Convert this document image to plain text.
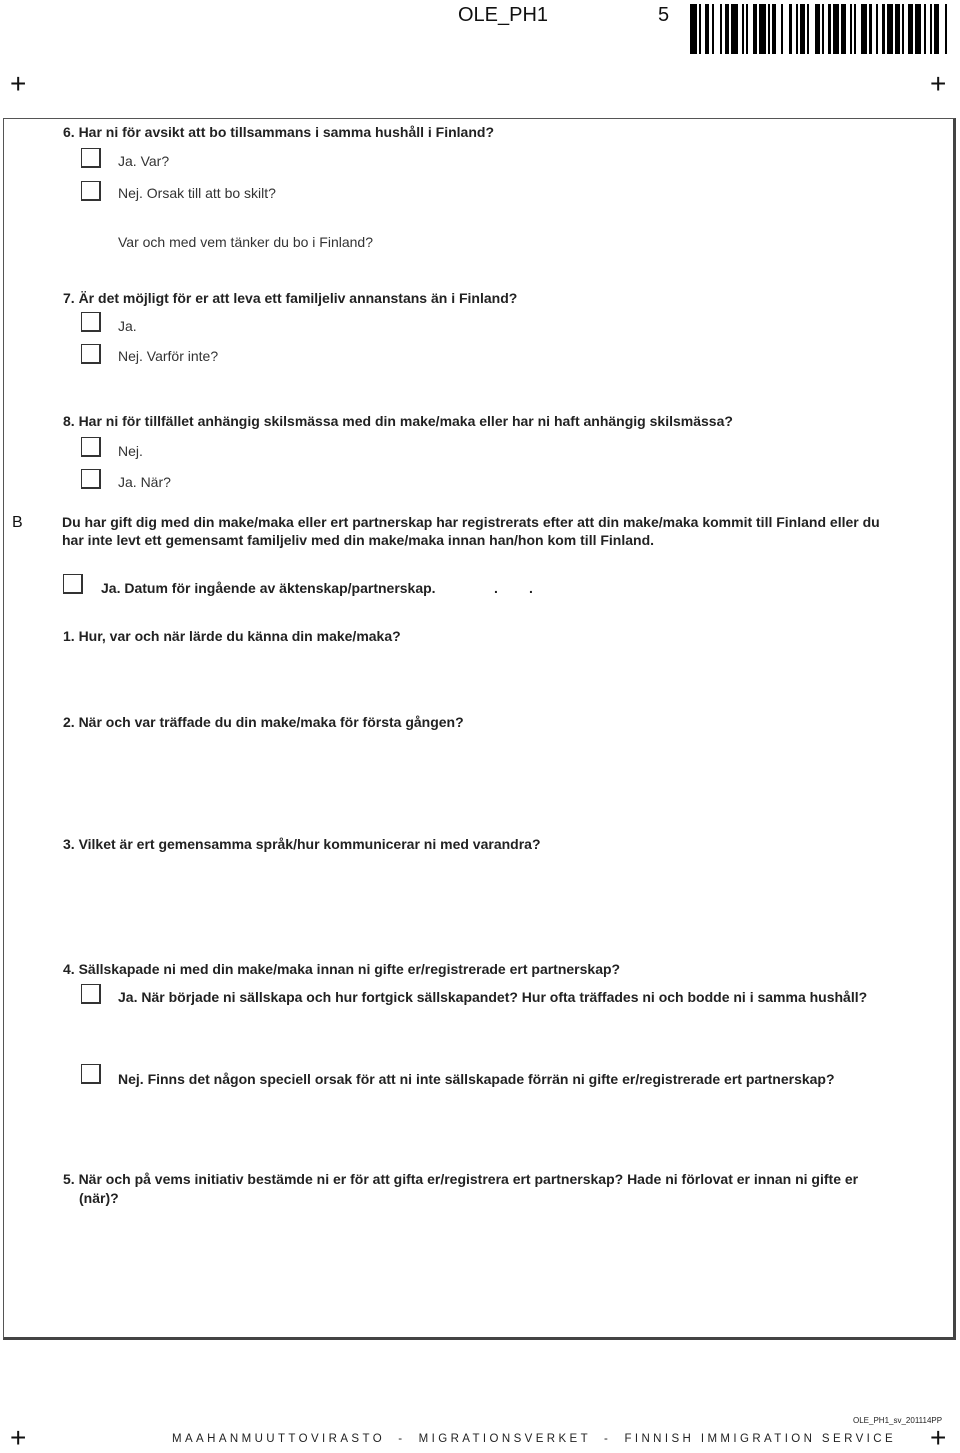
OLE_PH1	5
+	+
+	+
6. Har ni för avsikt att bo tillsammans i samma hushåll i Finland?
Ja. Var?
Nej. Orsak till att bo skilt?
Var och med vem tänker du bo i Finland?
7. Är det möjligt för er att leva ett familjeliv annanstans än i Finland?
Ja.
Nej. Varför inte?
8. Har ni för tillfället anhängig skilsmässa med din make/maka eller har ni haft anhängig skilsmässa?
Nej.
Ja. När?
B	Du har gift dig med din make/maka eller ert partnerskap har registrerats efter att din make/maka kommit till Finland eller du
har inte levt ett gemensamt familjeliv med din make/maka innan han/hon kom till Finland.
Ja. Datum för ingående av äktenskap/partnerskap.	.        .
1. Hur, var och när lärde du känna din make/maka?
2. När och var träffade du din make/maka för första gången?
3. Vilket är ert gemensamma språk/hur kommunicerar ni med varandra?
4. Sällskapade ni med din make/maka innan ni gifte er/registrerade ert partnerskap?
Ja. När började ni sällskapa och hur fortgick sällskapandet? Hur ofta träffades ni och bodde ni i samma hushåll?
Nej. Finns det någon speciell orsak för att ni inte sällskapade förrän ni gifte er/registrerade ert partnerskap?
5. När och på vems initiativ bestämde ni er för att gifta er/registrera ert partnerskap? Hade ni förlovat er innan ni gifte er
(när)?
OLE_PH1_sv_201114PP
MAAHANMUUTTOVIRASTO  -  MIGRATIONSVERKET  -  FINNISH IMMIGRATION SERVICE
